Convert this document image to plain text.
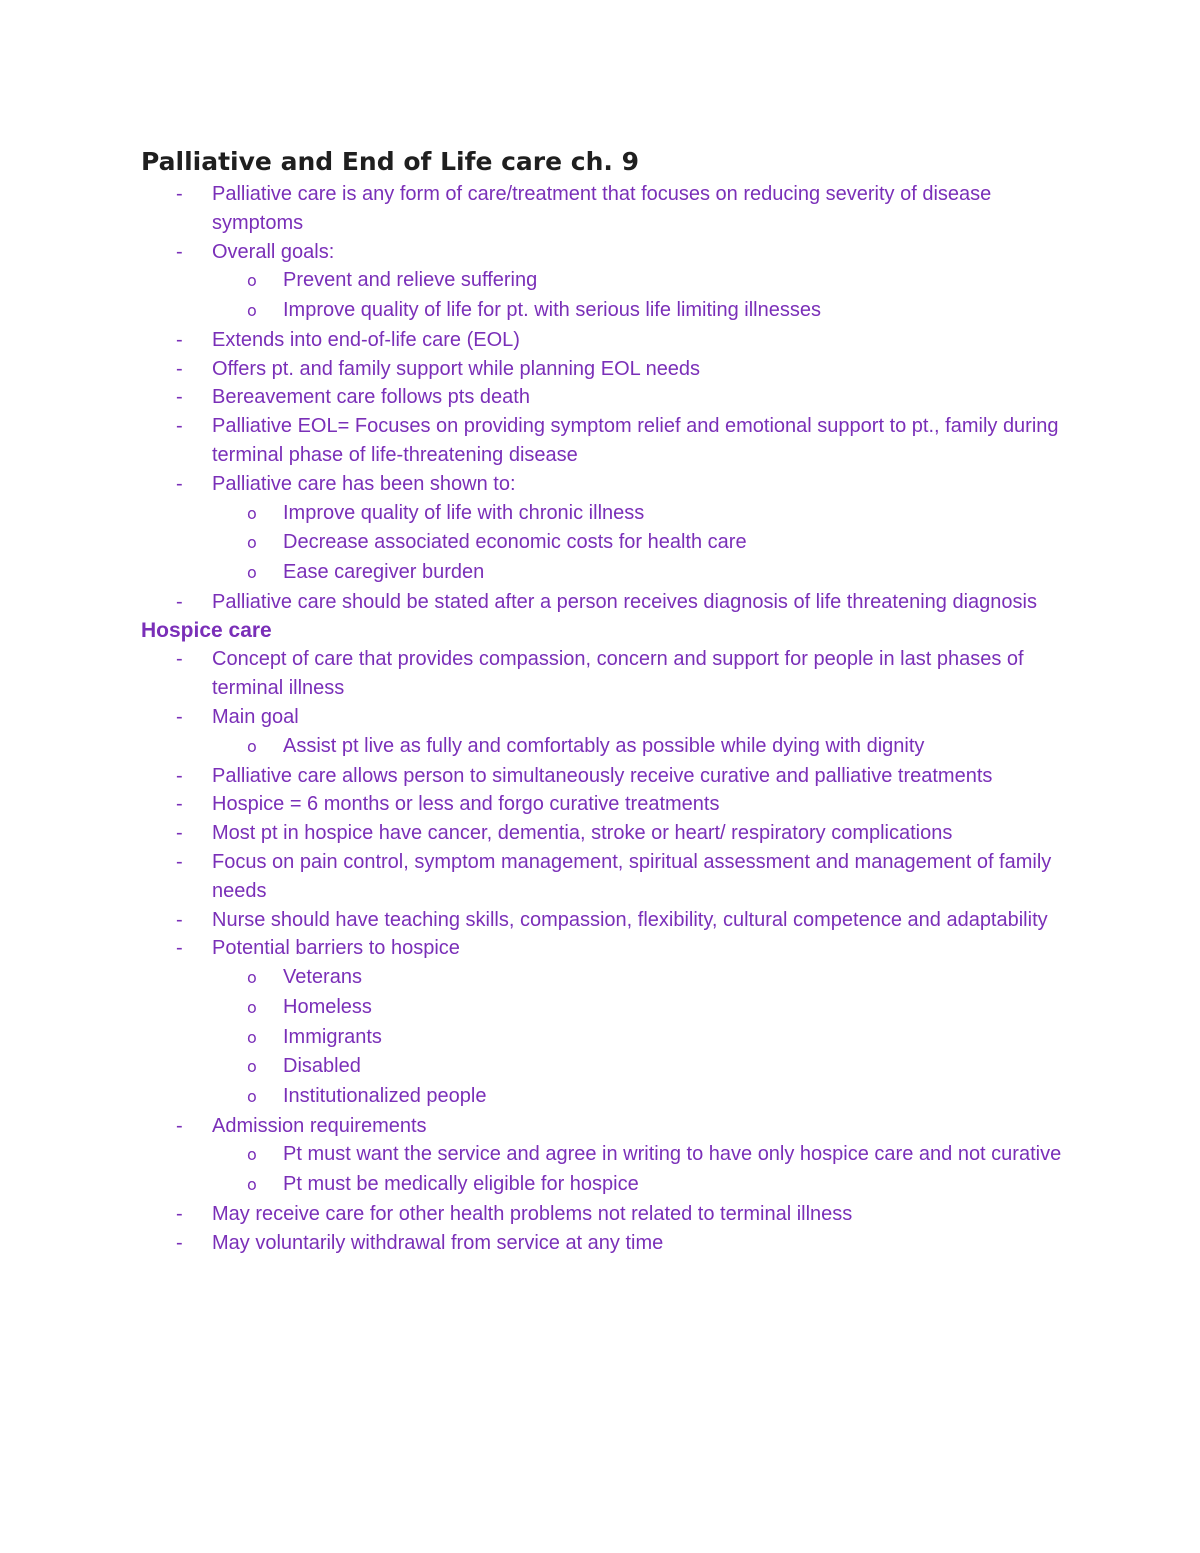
Palliative and End of Life care ch. 9
- Palliative care is any form of care/treatment that focuses on reducing severity of disease symptoms
- Overall goals:
o Prevent and relieve suffering
o Improve quality of life for pt. with serious life limiting illnesses
- Extends into end-of-life care (EOL)
- Offers pt. and family support while planning EOL needs
- Bereavement care follows pts death
- Palliative EOL= Focuses on providing symptom relief and emotional support to pt., family during terminal phase of life-threatening disease
- Palliative care has been shown to:
o Improve quality of life with chronic illness
o Decrease associated economic costs for health care
o Ease caregiver burden
- Palliative care should be stated after a person receives diagnosis of life threatening diagnosis
Hospice care
- Concept of care that provides compassion, concern and support for people in last phases of terminal illness
- Main goal
o Assist pt live as fully and comfortably as possible while dying with dignity
- Palliative care allows person to simultaneously receive curative and palliative treatments
- Hospice = 6 months or less and forgo curative treatments
- Most pt in hospice have cancer, dementia, stroke or heart/ respiratory complications
- Focus on pain control, symptom management, spiritual assessment and management of family needs
- Nurse should have teaching skills, compassion, flexibility, cultural competence and adaptability
- Potential barriers to hospice
o Veterans
o Homeless
o Immigrants
o Disabled
o Institutionalized people
- Admission requirements
o Pt must want the service and agree in writing to have only hospice care and not curative
o Pt must be medically eligible for hospice
- May receive care for other health problems not related to terminal illness
- May voluntarily withdrawal from service at any time
